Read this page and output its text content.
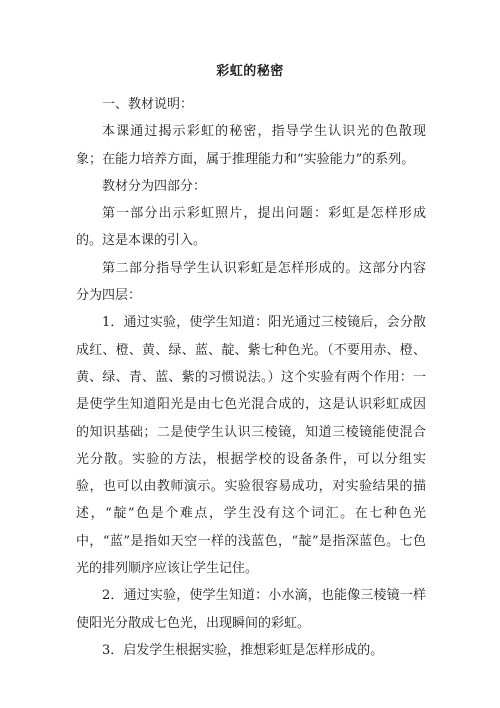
彩虹的秘密

一、教材说明：

本课通过揭示彩虹的秘密，指导学生认识光的色散现象；在能力培养方面，属于推理能力和“实验能力”的系列。

教材分为四部分：

第一部分出示彩虹照片，提出问题：彩虹是怎样形成的。这是本课的引入。

第二部分指导学生认识彩虹是怎样形成的。这部分内容分为四层：

1．通过实验，使学生知道：阳光通过三棱镜后，会分散成红、橙、黄、绿、蓝、靛、紫七种色光。（不要用赤、橙、黄、绿、青、蓝、紫的习惯说法。）这个实验有两个作用：一是使学生知道阳光是由七色光混合成的，这是认识彩虹成因的知识基础；二是使学生认识三棱镜，知道三棱镜能使混合光分散。实验的方法，根据学校的设备条件，可以分组实验，也可以由教师演示。实验很容易成功，对实验结果的描述，“靛”色是个难点，学生没有这个词汇。在七种色光中，“蓝”是指如天空一样的浅蓝色，“靛”是指深蓝色。七色光的排列顺序应该让学生记住。

2．通过实验，使学生知道：小水滴，也能像三棱镜一样使阳光分散成七色光，出现瞬间的彩虹。

3．启发学生根据实验，推想彩虹是怎样形成的。
